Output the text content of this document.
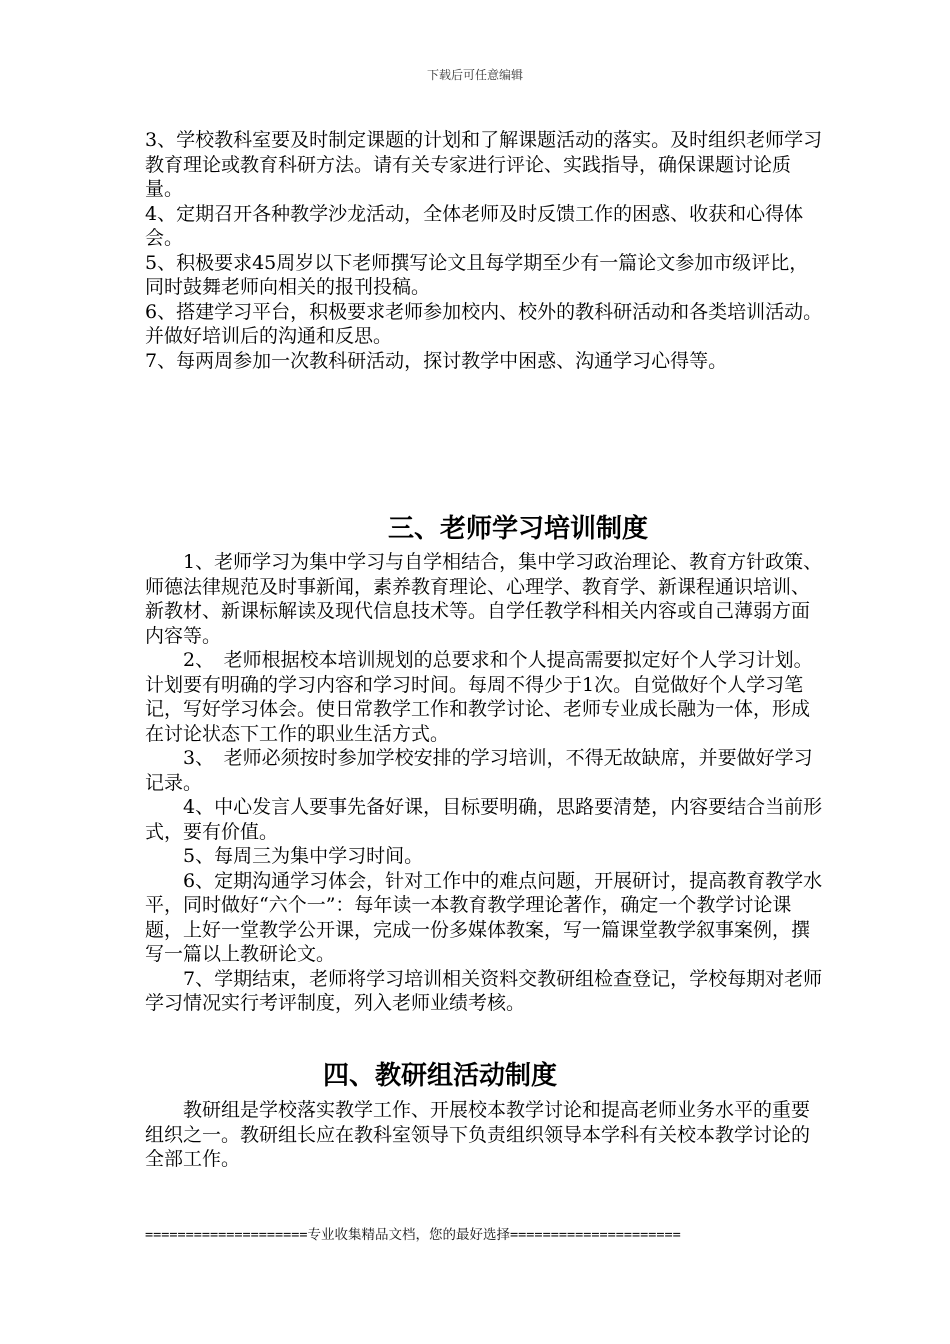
下载后可任意编辑

3、学校教科室要及时制定课题的计划和了解课题活动的落实。及时组织老师学习教育理论或教育科研方法。请有关专家进行评论、实践指导，确保课题讨论质量。

4、定期召开各种教学沙龙活动，全体老师及时反馈工作的困惑、收获和心得体会。

5、积极要求45周岁以下老师撰写论文且每学期至少有一篇论文参加市级评比，同时鼓舞老师向相关的报刊投稿。

6、搭建学习平台，积极要求老师参加校内、校外的教科研活动和各类培训活动。并做好培训后的沟通和反思。

7、每两周参加一次教科研活动，探讨教学中困惑、沟通学习心得等。

三、老师学习培训制度

1、老师学习为集中学习与自学相结合，集中学习政治理论、教育方针政策、师德法律规范及时事新闻，素养教育理论、心理学、教育学、新课程通识培训、新教材、新课标解读及现代信息技术等。自学任教学科相关内容或自己薄弱方面内容等。

2、　老师根据校本培训规划的总要求和个人提高需要拟定好个人学习计划。计划要有明确的学习内容和学习时间。每周不得少于1次。自觉做好个人学习笔记，写好学习体会。使日常教学工作和教学讨论、老师专业成长融为一体，形成在讨论状态下工作的职业生活方式。

3、　老师必须按时参加学校安排的学习培训，不得无故缺席，并要做好学习记录。

4、中心发言人要事先备好课，目标要明确，思路要清楚，内容要结合当前形式，要有价值。

5、每周三为集中学习时间。

6、定期沟通学习体会，针对工作中的难点问题，开展研讨，提高教育教学水平，同时做好“六个一”：每年读一本教育教学理论著作，确定一个教学讨论课题，上好一堂教学公开课，完成一份多媒体教案，写一篇课堂教学叙事案例，撰写一篇以上教研论文。

7、学期结束，老师将学习培训相关资料交教研组检查登记，学校每期对老师学习情况实行考评制度，列入老师业绩考核。

四、教研组活动制度

教研组是学校落实教学工作、开展校本教学讨论和提高老师业务水平的重要组织之一。教研组长应在教科室领导下负责组织领导本学科有关校本教学讨论的全部工作。

====================专业收集精品文档，您的最好选择=====================
